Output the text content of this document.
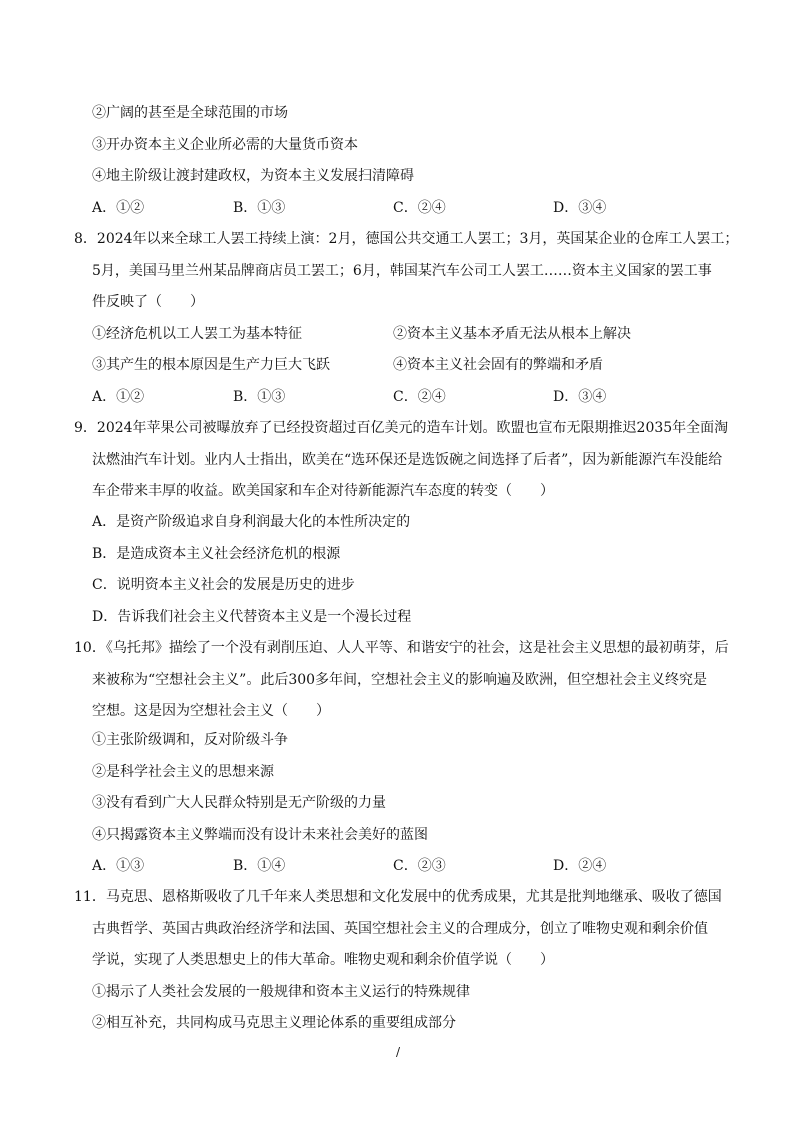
②广阔的甚至是全球范围的市场
③开办资本主义企业所必需的大量货币资本
④地主阶级让渡封建政权，为资本主义发展扫清障碍
A．①②	B．①③	C．②④	D．③④
8．2024年以来全球工人罢工持续上演：2月，德国公共交通工人罢工；3月，英国某企业的仓库工人罢工；
5月，美国马里兰州某品牌商店员工罢工；6月，韩国某汽车公司工人罢工……资本主义国家的罢工事
件反映了（　　）
①经济危机以工人罢工为基本特征	②资本主义基本矛盾无法从根本上解决
③其产生的根本原因是生产力巨大飞跃	④资本主义社会固有的弊端和矛盾
A．①②	B．①③	C．②④	D．③④
9．2024年苹果公司被曝放弃了已经投资超过百亿美元的造车计划。欧盟也宣布无限期推迟2035年全面淘
汰燃油汽车计划。业内人士指出，欧美在“选环保还是选饭碗之间选择了后者”，因为新能源汽车没能给
车企带来丰厚的收益。欧美国家和车企对待新能源汽车态度的转变（　　）
A．是资产阶级追求自身利润最大化的本性所决定的
B．是造成资本主义社会经济危机的根源
C．说明资本主义社会的发展是历史的进步
D．告诉我们社会主义代替资本主义是一个漫长过程
10．《乌托邦》描绘了一个没有剥削压迫、人人平等、和谐安宁的社会，这是社会主义思想的最初萌芽，后
来被称为“空想社会主义”。此后300多年间，空想社会主义的影响遍及欧洲，但空想社会主义终究是
空想。这是因为空想社会主义（　　）
①主张阶级调和，反对阶级斗争
②是科学社会主义的思想来源
③没有看到广大人民群众特别是无产阶级的力量
④只揭露资本主义弊端而没有设计未来社会美好的蓝图
A．①③	B．①④	C．②③	D．②④
11．马克思、恩格斯吸收了几千年来人类思想和文化发展中的优秀成果，尤其是批判地继承、吸收了德国
古典哲学、英国古典政治经济学和法国、英国空想社会主义的合理成分，创立了唯物史观和剩余价值
学说，实现了人类思想史上的伟大革命。唯物史观和剩余价值学说（　　）
①揭示了人类社会发展的一般规律和资本主义运行的特殊规律
②相互补充，共同构成马克思主义理论体系的重要组成部分
/
